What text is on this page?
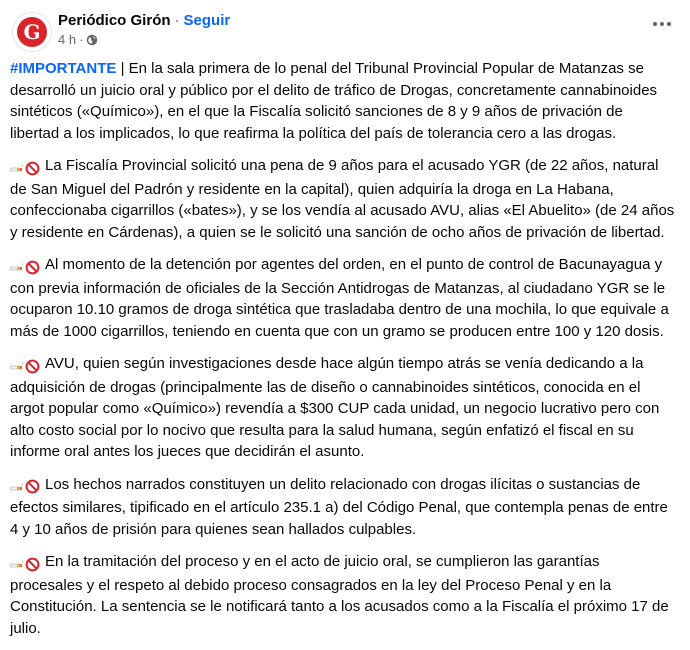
G	Periódico Girón · Seguir
4 h ·

#IMPORTANTE | En la sala primera de lo penal del Tribunal Provincial Popular de Matanzas se desarrolló un juicio oral y público por el delito de tráfico de Drogas, concretamente cannabinoides sintéticos («Químico»), en el que la Fiscalía solicitó sanciones de 8 y 9 años de privación de libertad a los implicados, lo que reafirma la política del país de tolerancia cero a las drogas.

La Fiscalía Provincial solicitó una pena de 9 años para el acusado YGR (de 22 años, natural de San Miguel del Padrón y residente en la capital), quien adquiría la droga en La Habana, confeccionaba cigarrillos («bates»), y se los vendía al acusado AVU, alias «El Abuelito» (de 24 años y residente en Cárdenas), a quien se le solicitó una sanción de ocho años de privación de libertad.

Al momento de la detención por agentes del orden, en el punto de control de Bacunayagua y con previa información de oficiales de la Sección Antidrogas de Matanzas, al ciudadano YGR se le ocuparon 10.10 gramos de droga sintética que trasladaba dentro de una mochila, lo que equivale a más de 1000 cigarrillos, teniendo en cuenta que con un gramo se producen entre 100 y 120 dosis.

AVU, quien según investigaciones desde hace algún tiempo atrás se venía dedicando a la adquisición de drogas (principalmente las de diseño o cannabinoides sintéticos, conocida en el argot popular como «Químico») revendía a $300 CUP cada unidad, un negocio lucrativo pero con alto costo social por lo nocivo que resulta para la salud humana, según enfatizó el fiscal en su informe oral antes los jueces que decidirán el asunto.

Los hechos narrados constituyen un delito relacionado con drogas ilícitas o sustancias de efectos similares, tipificado en el artículo 235.1 a) del Código Penal, que contempla penas de entre 4 y 10 años de prisión para quienes sean hallados culpables.

En la tramitación del proceso y en el acto de juicio oral, se cumplieron las garantías procesales y el respeto al debido proceso consagrados en la ley del Proceso Penal y en la Constitución. La sentencia se le notificará tanto a los acusados como a la Fiscalía el próximo 17 de julio.
